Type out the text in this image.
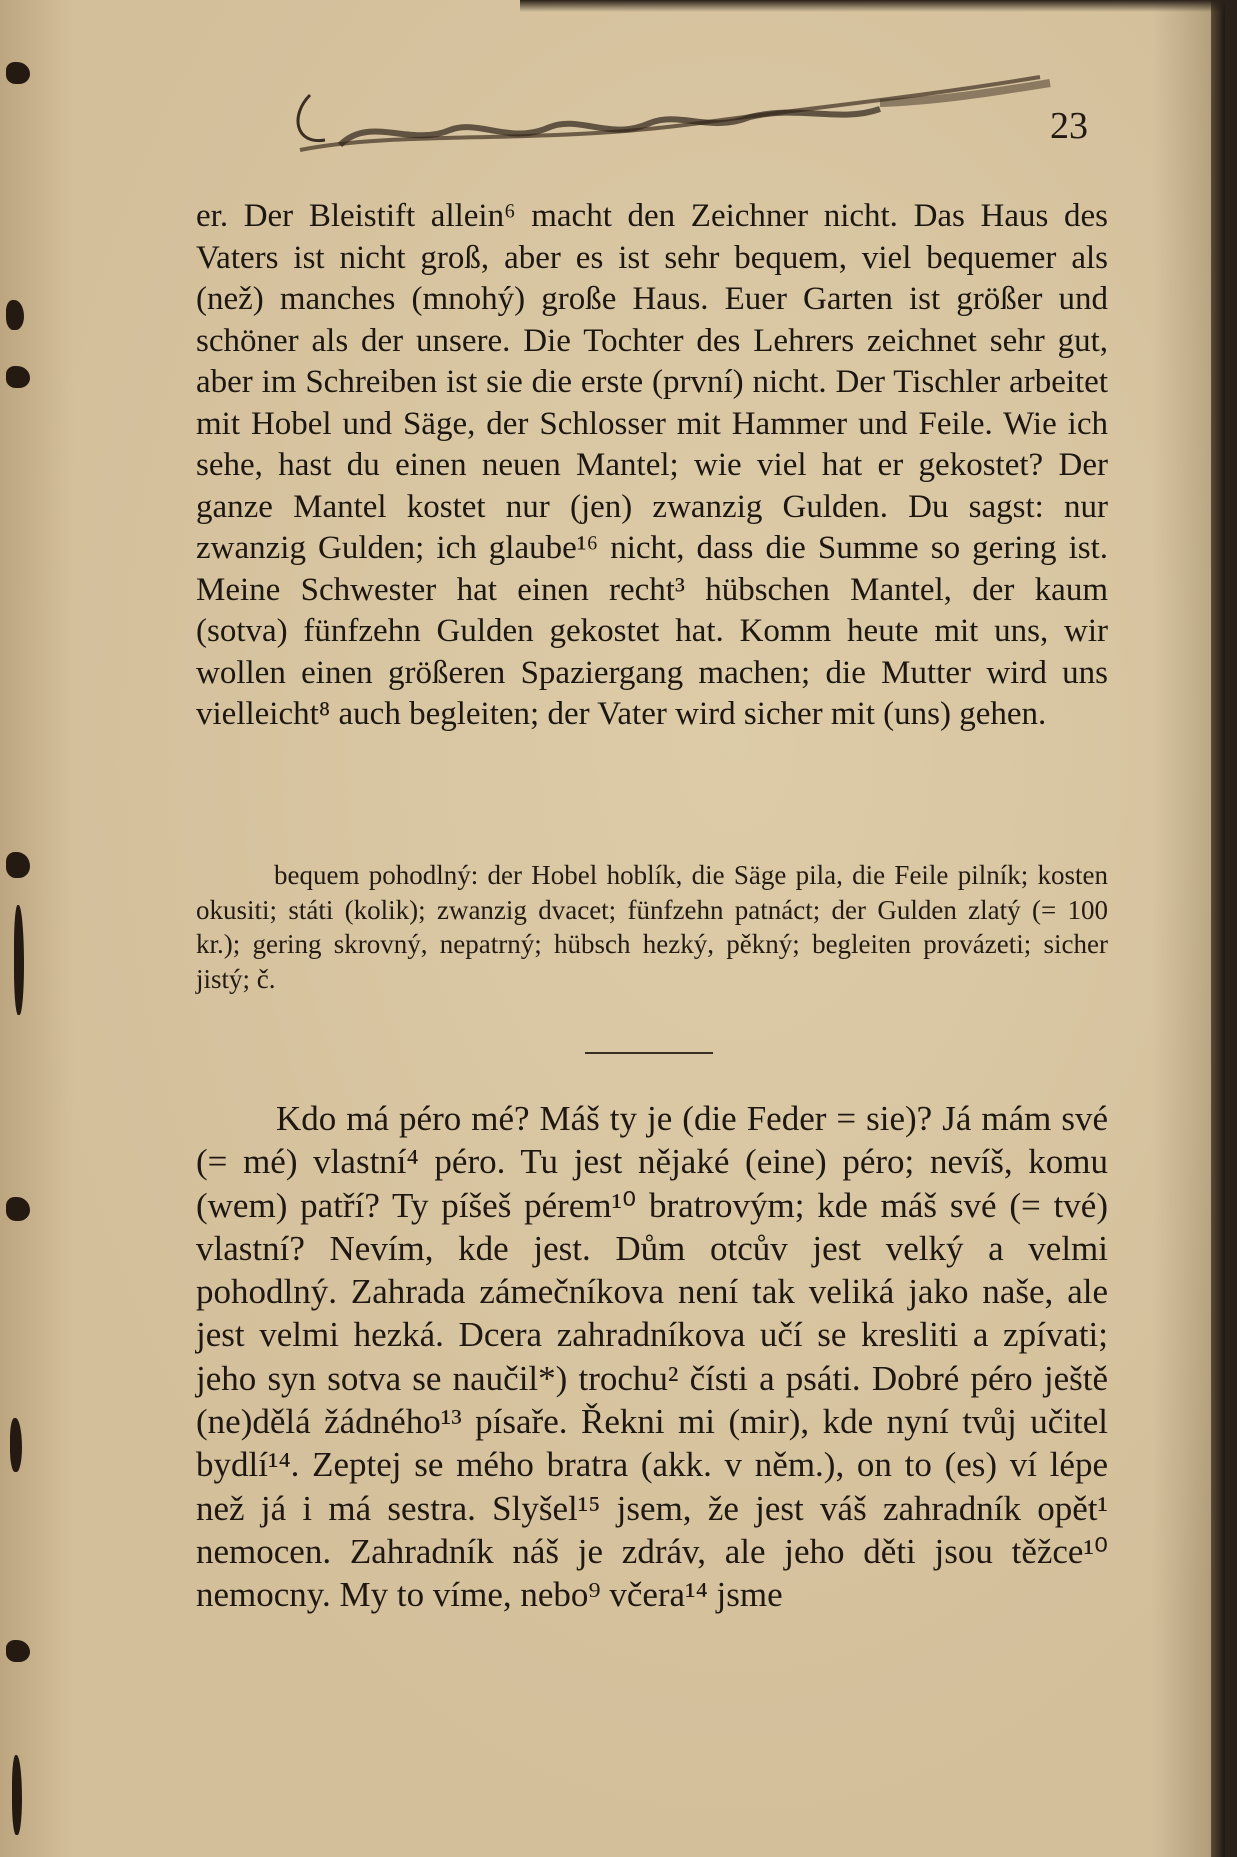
23

er. Der Bleistift allein⁶ macht den Zeichner nicht. Das Haus des Vaters ist nicht groß, aber es ist sehr bequem, viel bequemer als (než) manches (mnohý) große Haus. Euer Garten ist größer und schöner als der unsere. Die Tochter des Lehrers zeichnet sehr gut, aber im Schreiben ist sie die erste (první) nicht. Der Tischler arbeitet mit Hobel und Säge, der Schlosser mit Hammer und Feile. Wie ich sehe, hast du einen neuen Mantel; wie viel hat er gekostet? Der ganze Mantel kostet nur (jen) zwanzig Gulden. Du sagst: nur zwanzig Gulden; ich glaube¹⁶ nicht, dass die Summe so gering ist. Meine Schwester hat einen recht³ hübschen Mantel, der kaum (sotva) fünfzehn Gulden gekostet hat. Komm heute mit uns, wir wollen einen größeren Spaziergang machen; die Mutter wird uns vielleicht⁸ auch begleiten; der Vater wird sicher mit (uns) gehen.

bequem pohodlný: der Hobel hoblík, die Säge pila, die Feile pilník; kosten okusiti; státi (kolik); zwanzig dvacet; fünfzehn patnáct; der Gulden zlatý (= 100 kr.); gering skrovný, nepatrný; hübsch hezký, pěkný; begleiten provázeti; sicher jistý; č.

Kdo má péro mé? Máš ty je (die Feder = sie)? Já mám své (= mé) vlastní⁴ péro. Tu jest nějaké (eine) péro; nevíš, komu (wem) patří? Ty píšeš pérem¹⁰ bratrovým; kde máš své (= tvé) vlastní? Nevím, kde jest. Dům otcův jest velký a velmi pohodlný. Zahrada zámečníkova není tak veliká jako naše, ale jest velmi hezká. Dcera zahradníkova učí se kresliti a zpívati; jeho syn sotva se naučil*) trochu² čísti a psáti. Dobré péro ještě (ne)dělá žádného¹³ písaře. Řekni mi (mir), kde nyní tvůj učitel bydlí¹⁴. Zeptej se mého bratra (akk. v něm.), on to (es) ví lépe než já i má sestra. Slyšel¹⁵ jsem, že jest váš zahradník opět¹ nemocen. Zahradník náš je zdráv, ale jeho děti jsou těžce¹⁰ nemocny. My to víme, nebo⁹ včera¹⁴ jsme
